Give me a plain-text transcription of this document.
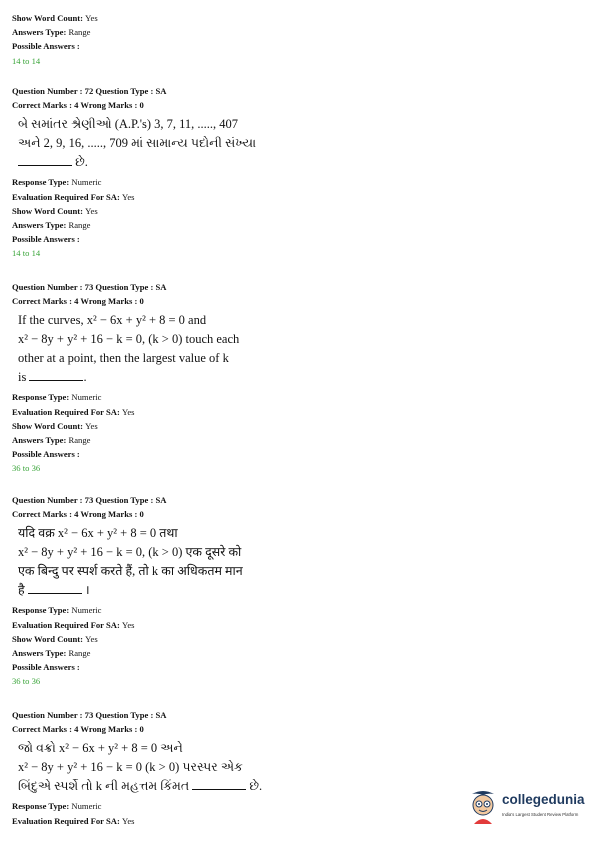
Show Word Count: Yes
Answers Type: Range
Possible Answers :
14 to 14
Question Number : 72 Question Type : SA
Correct Marks : 4 Wrong Marks : 0
બે સમાંતર શ્રેણીઓ (A.P.'s) 3, 7, 11, ....., 407
અને 2, 9, 16, ....., 709 માં સામાન્ય પદોની સંખ્યા
છે.
Response Type: Numeric
Evaluation Required For SA: Yes
Show Word Count: Yes
Answers Type: Range
Possible Answers :
14 to 14
Question Number : 73 Question Type : SA
Correct Marks : 4 Wrong Marks : 0
If the curves, x² − 6x + y² + 8 = 0 and
x² − 8y + y² + 16 − k = 0, (k > 0) touch each
other at a point, then the largest value of k
is	.
Response Type: Numeric
Evaluation Required For SA: Yes
Show Word Count: Yes
Answers Type: Range
Possible Answers :
36 to 36
Question Number : 73 Question Type : SA
Correct Marks : 4 Wrong Marks : 0
यदि वक्र x² − 6x + y² + 8 = 0 तथा
x² − 8y + y² + 16 − k = 0, (k > 0) एक दूसरे को
एक बिन्दु पर स्पर्श करते हैं, तो k का अधिकतम मान
है	।
Response Type: Numeric
Evaluation Required For SA: Yes
Show Word Count: Yes
Answers Type: Range
Possible Answers :
36 to 36
Question Number : 73 Question Type : SA
Correct Marks : 4 Wrong Marks : 0
જો વક્રો x² − 6x + y² + 8 = 0 અને
x² − 8y + y² + 16 − k = 0 (k > 0) પરસ્પર એક
બિંદુએ સ્પર્શે તો k ની મહત્તમ કિંમત	છે.
Response Type: Numeric
Evaluation Required For SA: Yes
collegedunia
India's Largest Student Review Platform
